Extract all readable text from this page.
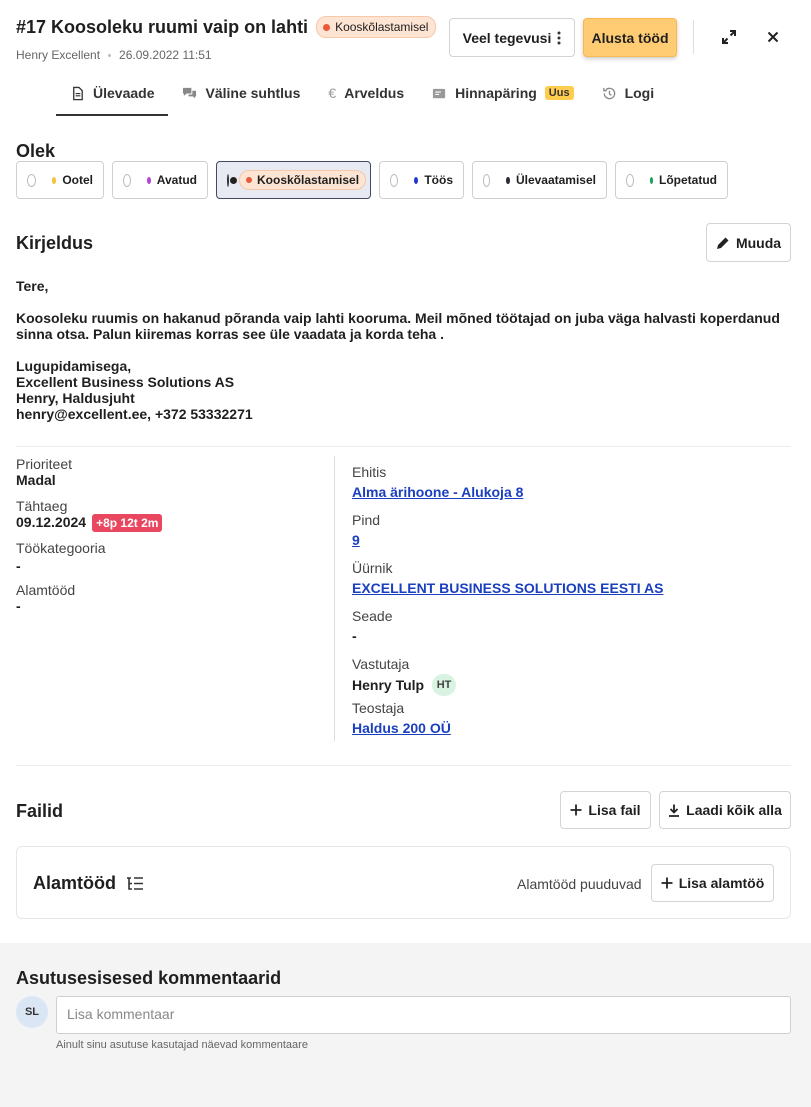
#17 Koosoleku ruumi vaip on lahti Kooskõlastamisel
Henry Excellent 26.09.2022 11:51
Veel tegevusi	Alusta tööd
Ülevaade	Väline suhtlus € Arveldus	Hinnapäring	Uus	Logi
Olek
Ootel	Avatud	Kooskõlastamisel	Töös	Ülevaatamisel	Lõpetatud
Kirjeldus	Muuda

Tere,

Koosoleku ruumis on hakanud põranda vaip lahti kooruma. Meil mõned töötajad on juba väga halvasti koperdanud sinna otsa. Palun kiiremas korras see üle vaadata ja korda teha .

Lugupidamisega,
Excellent Business Solutions AS
Henry, Haldusjuht
henry@excellent.ee, +372 53332271
Prioriteet
Madal
Tähtaeg
09.12.2024 +8p 12t 2m
Töökategooria
-
Alamtööd
-
Ehitis
Alma ärihoone - Alukoja 8
Pind
9
Üürnik
EXCELLENT BUSINESS SOLUTIONS EESTI AS
Seade
-
Vastutaja
Henry Tulp	HT
Teostaja
Haldus 200 OÜ
Failid	Lisa fail	Laadi kõik alla
Alamtööd	Alamtööd puuduvad	Lisa alamtöö
Asutusesisesed kommentaarid
SL
Lisa kommentaar
Ainult sinu asutuse kasutajad näevad kommentaare
